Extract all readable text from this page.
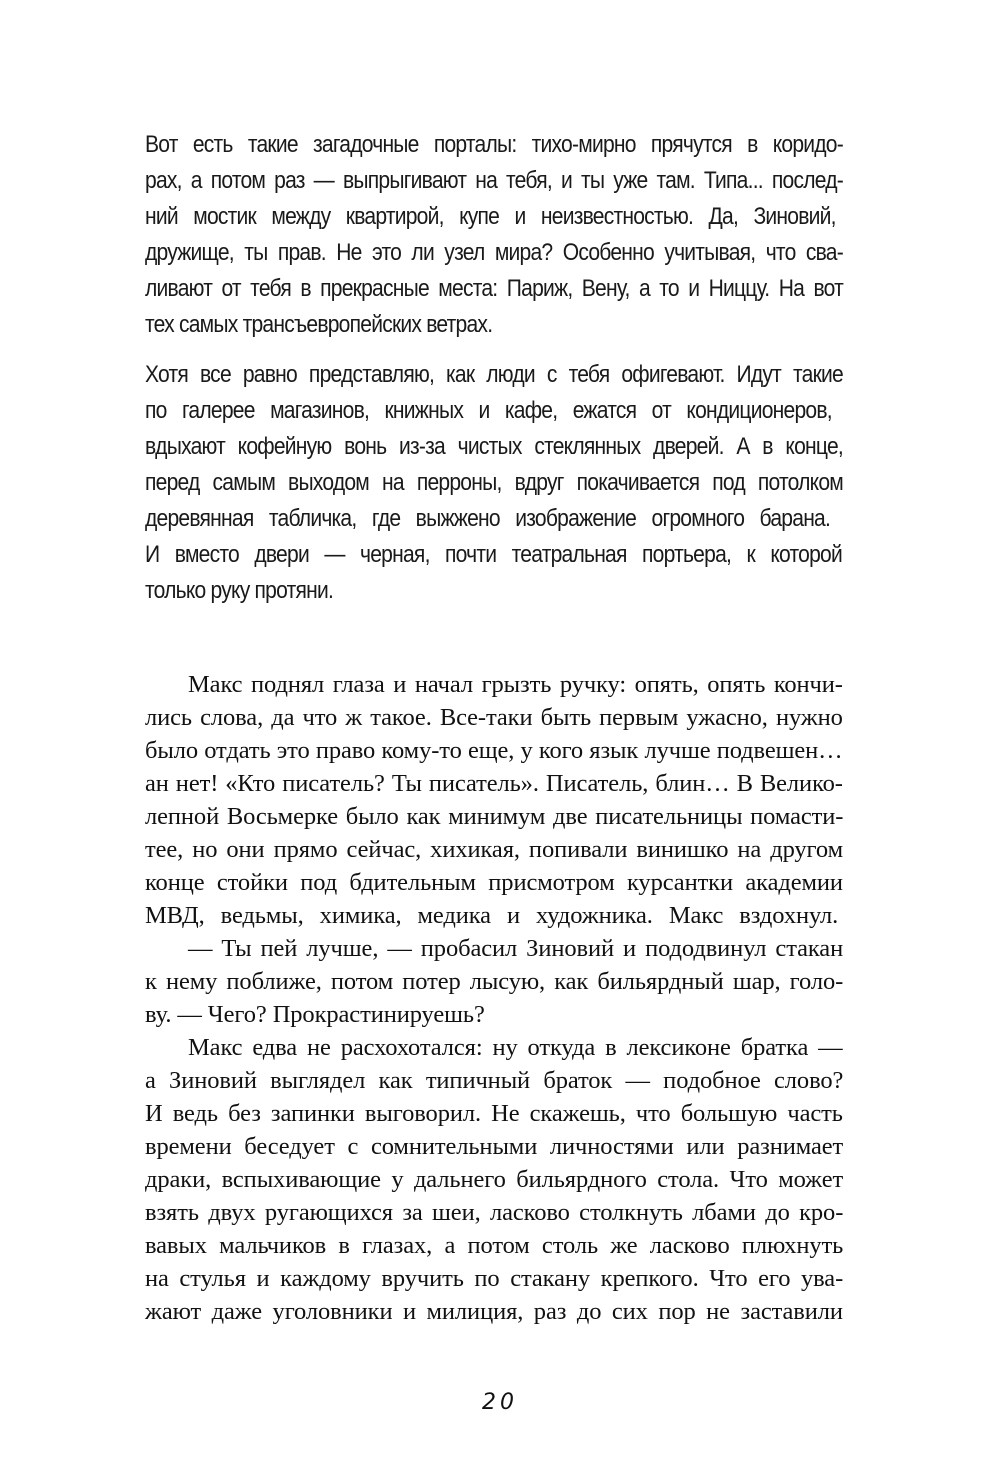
Вот есть такие загадочные порталы: тихо-мирно прячутся в коридо-

рах, а потом раз — выпрыгивают на тебя, и ты уже там. Типа... послед-

ний мостик между квартирой, купе и неизвестностью. Да, Зиновий,

дружище, ты прав. Не это ли узел мира? Особенно учитывая, что сва-

ливают от тебя в прекрасные места: Париж, Вену, а то и Ниццу. На вот

тех самых трансъевропейских ветрах.

Хотя все равно представляю, как люди с тебя офигевают. Идут такие

по галерее магазинов, книжных и кафе, ежатся от кондиционеров,

вдыхают кофейную вонь из-за чистых стеклянных дверей. А в конце,

перед самым выходом на перроны, вдруг покачивается под потолком

деревянная табличка, где выжжено изображение огромного барана.

И вместо двери — черная, почти театральная портьера, к которой

только руку протяни.

Макс поднял глаза и начал грызть ручку: опять, опять кончи-

лись слова, да что ж такое. Все-таки быть первым ужасно, нужно

было отдать это право кому-то еще, у кого язык лучше подвешен…

ан нет! «Кто писатель? Ты писатель». Писатель, блин… В Велико-

лепной Восьмерке было как минимум две писательницы помасти-

тее, но они прямо сейчас, хихикая, попивали винишко на другом

конце стойки под бдительным присмотром курсантки академии

МВД, ведьмы, химика, медика и художника. Макс вздохнул.

— Ты пей лучше, — пробасил Зиновий и пододвинул стакан

к нему поближе, потом потер лысую, как бильярдный шар, голо-

ву. — Чего? Прокрастинируешь?

Макс едва не расхохотался: ну откуда в лексиконе братка —

а Зиновий выглядел как типичный браток — подобное слово?

И ведь без запинки выговорил. Не скажешь, что большую часть

времени беседует с сомнительными личностями или разнимает

драки, вспыхивающие у дальнего бильярдного стола. Что может

взять двух ругающихся за шеи, ласково столкнуть лбами до кро-

вавых мальчиков в глазах, а потом столь же ласково плюхнуть

на стулья и каждому вручить по стакану крепкого. Что его ува-

жают даже уголовники и милиция, раз до сих пор не заставили

20
